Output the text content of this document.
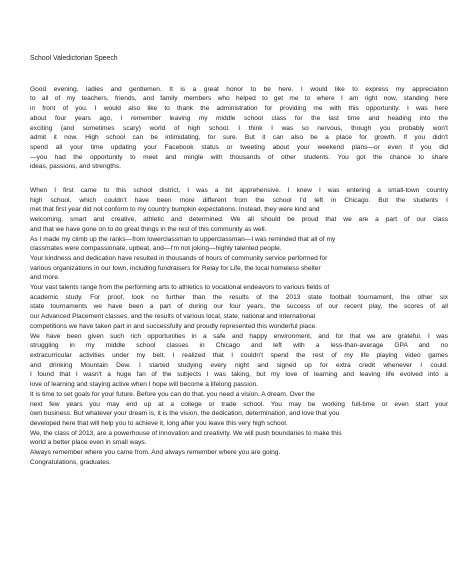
School Valedictorian Speech
Good evening, ladies and gentlemen. It is a great honor to be here. I would like to express my appreciation
to all of my teachers, friends, and family members who helped to get me to where I am right now, standing here
in front of you. I would also like to thank the administration for providing me with this opportunity. I was here
about four years ago, I remember leaving my middle school class for the last time and heading into the
exciting (and sometimes scary) world of high school. I think I was so nervous, though you probably won't
admit it now. High school can be intimidating, for sure. But it can also be a place for growth. If you didn't
spend all your time updating your Facebook status or tweeting about your weekend plans—or even if you did
—you had the opportunity to meet and mingle with thousands of other students. You got the chance to share
ideas, passions, and strengths.
When I first came to this school district, I was a bit apprehensive. I knew I was entering a small-town country
high school, which couldn't have been more different from the school I'd left in Chicago. But the students I
met that first year did not conform to my country bumpkin expectations. Instead, they were kind and
welcoming, smart and creative, athletic and determined. We all should be proud that we are a part of our class
and that we have gone on to do great things in the rest of this community as well.
As I made my climb up the ranks—from lowerclassman to upperclassman—I was reminded that all of my
classmates were compassionate, upbeat, and—I'm not joking—highly talented people.
Your kindness and dedication have resulted in thousands of hours of community service performed for
various organizations in our town, including fundraisers for Relay for Life, the local homeless shelter
and more.
Your vast talents range from the performing arts to athletics to vocational endeavors to various fields of
academic study. For proof, look no further than the results of the 2013 state football tournament, the other six
state tournaments we have been a part of during our four years, the success of our recent play, the scores of all
our Advanced Placement classes, and the results of various local, state, national and international
competitions we have taken part in and successfully and proudly represented this wonderful place.
We have been given such rich opportunities in a safe and happy environment, and for that we are grateful. I was
struggling in my middle school classes in Chicago and left with a less-than-average GPA and no
extracurricular activities under my belt. I realized that I couldn't spend the rest of my life playing video games
and drinking Mountain Dew. I started studying every night and signed up for extra credit whenever I could.
I found that I wasn't a huge fan of the subjects I was taking, but my love of learning and leaving life evolved into a
love of learning and staying active when I hope will become a lifelong passion.
It is time to set goals for your future. Before you can do that, you need a vision. A dream. Over the
next few years you may end up at a college or trade school. You may be working full-time or even start your
own business. But whatever your dream is, it is the vision, the dedication, determination, and love that you
developed here that will help you to achieve it, long after you leave this very high school.
We, the class of 2013, are a powerhouse of innovation and creativity. We will push boundaries to make this
world a better place even in small ways.
Always remember where you came from. And always remember where you are going.
Congratulations, graduates.
